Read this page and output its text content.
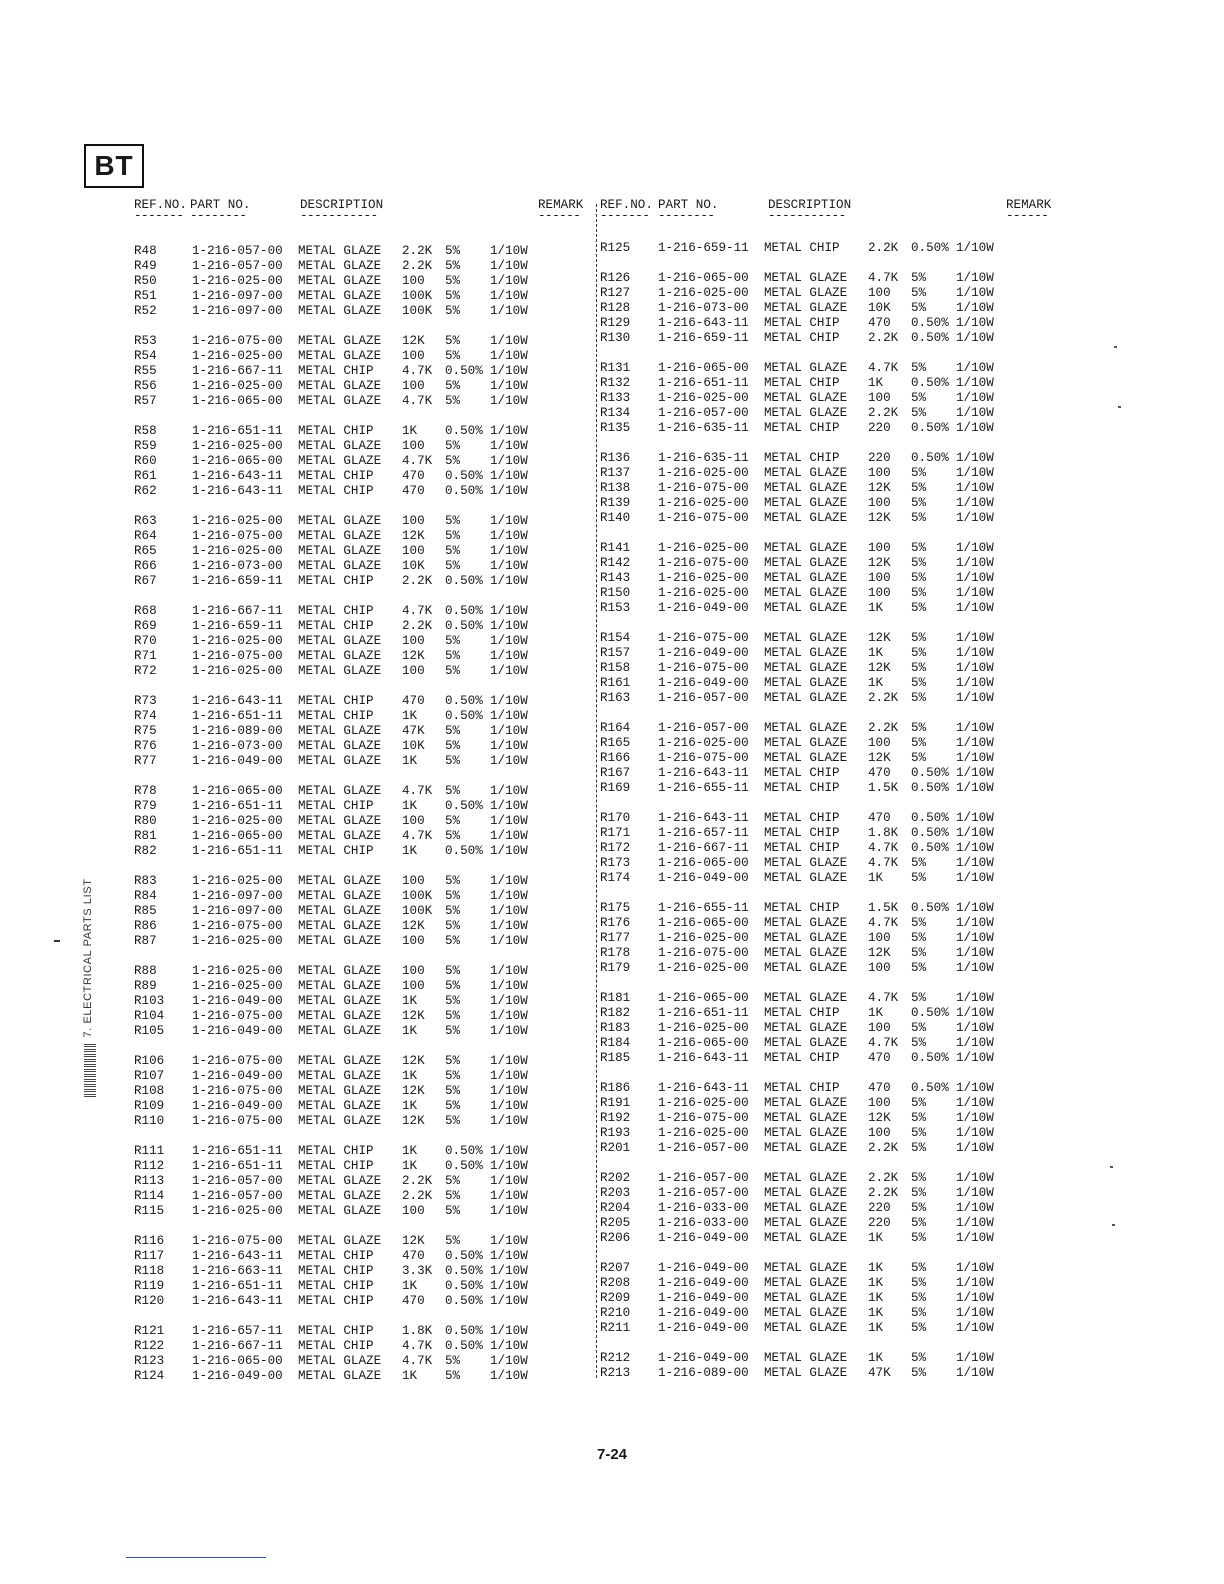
BT
REF.NO. PART NO.	DESCRIPTION	REMARK
------- --------	-----------	------
R48	1-216-057-00	METAL GLAZE	2.2K	5%	1/10W
R49	1-216-057-00	METAL GLAZE	2.2K	5%	1/10W
R50	1-216-025-00	METAL GLAZE	100	5%	1/10W
R51	1-216-097-00	METAL GLAZE	100K	5%	1/10W
R52	1-216-097-00	METAL GLAZE	100K	5%	1/10W
R53	1-216-075-00	METAL GLAZE	12K	5%	1/10W
R54	1-216-025-00	METAL GLAZE	100	5%	1/10W
R55	1-216-667-11	METAL CHIP	4.7K	0.50% 1/10W
R56	1-216-025-00	METAL GLAZE	100	5%	1/10W
R57	1-216-065-00	METAL GLAZE	4.7K	5%	1/10W
R58	1-216-651-11	METAL CHIP	1K	0.50% 1/10W
R59	1-216-025-00	METAL GLAZE	100	5%	1/10W
R60	1-216-065-00	METAL GLAZE	4.7K	5%	1/10W
R61	1-216-643-11	METAL CHIP	470	0.50% 1/10W
R62	1-216-643-11	METAL CHIP	470	0.50% 1/10W
R63	1-216-025-00	METAL GLAZE	100	5%	1/10W
R64	1-216-075-00	METAL GLAZE	12K	5%	1/10W
R65	1-216-025-00	METAL GLAZE	100	5%	1/10W
R66	1-216-073-00	METAL GLAZE	10K	5%	1/10W
R67	1-216-659-11	METAL CHIP	2.2K	0.50% 1/10W
R68	1-216-667-11	METAL CHIP	4.7K	0.50% 1/10W
R69	1-216-659-11	METAL CHIP	2.2K	0.50% 1/10W
R70	1-216-025-00	METAL GLAZE	100	5%	1/10W
R71	1-216-075-00	METAL GLAZE	12K	5%	1/10W
R72	1-216-025-00	METAL GLAZE	100	5%	1/10W
R73	1-216-643-11	METAL CHIP	470	0.50% 1/10W
R74	1-216-651-11	METAL CHIP	1K	0.50% 1/10W
R75	1-216-089-00	METAL GLAZE	47K	5%	1/10W
R76	1-216-073-00	METAL GLAZE	10K	5%	1/10W
R77	1-216-049-00	METAL GLAZE	1K	5%	1/10W
R78	1-216-065-00	METAL GLAZE	4.7K	5%	1/10W
R79	1-216-651-11	METAL CHIP	1K	0.50% 1/10W
R80	1-216-025-00	METAL GLAZE	100	5%	1/10W
R81	1-216-065-00	METAL GLAZE	4.7K	5%	1/10W
R82	1-216-651-11	METAL CHIP	1K	0.50% 1/10W
R83	1-216-025-00	METAL GLAZE	100	5%	1/10W
R84	1-216-097-00	METAL GLAZE	100K	5%	1/10W
R85	1-216-097-00	METAL GLAZE	100K	5%	1/10W
R86	1-216-075-00	METAL GLAZE	12K	5%	1/10W
R87	1-216-025-00	METAL GLAZE	100	5%	1/10W
R88	1-216-025-00	METAL GLAZE	100	5%	1/10W
R89	1-216-025-00	METAL GLAZE	100	5%	1/10W
R103	1-216-049-00	METAL GLAZE	1K	5%	1/10W
R104	1-216-075-00	METAL GLAZE	12K	5%	1/10W
R105	1-216-049-00	METAL GLAZE	1K	5%	1/10W
R106	1-216-075-00	METAL GLAZE	12K	5%	1/10W
R107	1-216-049-00	METAL GLAZE	1K	5%	1/10W
R108	1-216-075-00	METAL GLAZE	12K	5%	1/10W
R109	1-216-049-00	METAL GLAZE	1K	5%	1/10W
R110	1-216-075-00	METAL GLAZE	12K	5%	1/10W
R111	1-216-651-11	METAL CHIP	1K	0.50% 1/10W
R112	1-216-651-11	METAL CHIP	1K	0.50% 1/10W
R113	1-216-057-00	METAL GLAZE	2.2K	5%	1/10W
R114	1-216-057-00	METAL GLAZE	2.2K	5%	1/10W
R115	1-216-025-00	METAL GLAZE	100	5%	1/10W
R116	1-216-075-00	METAL GLAZE	12K	5%	1/10W
R117	1-216-643-11	METAL CHIP	470	0.50% 1/10W
R118	1-216-663-11	METAL CHIP	3.3K	0.50% 1/10W
R119	1-216-651-11	METAL CHIP	1K	0.50% 1/10W
R120	1-216-643-11	METAL CHIP	470	0.50% 1/10W
R121	1-216-657-11	METAL CHIP	1.8K	0.50% 1/10W
R122	1-216-667-11	METAL CHIP	4.7K	0.50% 1/10W
R123	1-216-065-00	METAL GLAZE	4.7K	5%	1/10W
R124	1-216-049-00	METAL GLAZE	1K	5%	1/10W
REF.NO. PART NO.	DESCRIPTION	REMARK
------- --------	-----------	------
R125	1-216-659-11	METAL CHIP	2.2K	0.50% 1/10W
R126	1-216-065-00	METAL GLAZE	4.7K	5%	1/10W
R127	1-216-025-00	METAL GLAZE	100	5%	1/10W
R128	1-216-073-00	METAL GLAZE	10K	5%	1/10W
R129	1-216-643-11	METAL CHIP	470	0.50% 1/10W
R130	1-216-659-11	METAL CHIP	2.2K	0.50% 1/10W
R131	1-216-065-00	METAL GLAZE	4.7K	5%	1/10W
R132	1-216-651-11	METAL CHIP	1K	0.50% 1/10W
R133	1-216-025-00	METAL GLAZE	100	5%	1/10W
R134	1-216-057-00	METAL GLAZE	2.2K	5%	1/10W
R135	1-216-635-11	METAL CHIP	220	0.50% 1/10W
R136	1-216-635-11	METAL CHIP	220	0.50% 1/10W
R137	1-216-025-00	METAL GLAZE	100	5%	1/10W
R138	1-216-075-00	METAL GLAZE	12K	5%	1/10W
R139	1-216-025-00	METAL GLAZE	100	5%	1/10W
R140	1-216-075-00	METAL GLAZE	12K	5%	1/10W
R141	1-216-025-00	METAL GLAZE	100	5%	1/10W
R142	1-216-075-00	METAL GLAZE	12K	5%	1/10W
R143	1-216-025-00	METAL GLAZE	100	5%	1/10W
R150	1-216-025-00	METAL GLAZE	100	5%	1/10W
R153	1-216-049-00	METAL GLAZE	1K	5%	1/10W
R154	1-216-075-00	METAL GLAZE	12K	5%	1/10W
R157	1-216-049-00	METAL GLAZE	1K	5%	1/10W
R158	1-216-075-00	METAL GLAZE	12K	5%	1/10W
R161	1-216-049-00	METAL GLAZE	1K	5%	1/10W
R163	1-216-057-00	METAL GLAZE	2.2K	5%	1/10W
R164	1-216-057-00	METAL GLAZE	2.2K	5%	1/10W
R165	1-216-025-00	METAL GLAZE	100	5%	1/10W
R166	1-216-075-00	METAL GLAZE	12K	5%	1/10W
R167	1-216-643-11	METAL CHIP	470	0.50% 1/10W
R169	1-216-655-11	METAL CHIP	1.5K	0.50% 1/10W
R170	1-216-643-11	METAL CHIP	470	0.50% 1/10W
R171	1-216-657-11	METAL CHIP	1.8K	0.50% 1/10W
R172	1-216-667-11	METAL CHIP	4.7K	0.50% 1/10W
R173	1-216-065-00	METAL GLAZE	4.7K	5%	1/10W
R174	1-216-049-00	METAL GLAZE	1K	5%	1/10W
R175	1-216-655-11	METAL CHIP	1.5K	0.50% 1/10W
R176	1-216-065-00	METAL GLAZE	4.7K	5%	1/10W
R177	1-216-025-00	METAL GLAZE	100	5%	1/10W
R178	1-216-075-00	METAL GLAZE	12K	5%	1/10W
R179	1-216-025-00	METAL GLAZE	100	5%	1/10W
R181	1-216-065-00	METAL GLAZE	4.7K	5%	1/10W
R182	1-216-651-11	METAL CHIP	1K	0.50% 1/10W
R183	1-216-025-00	METAL GLAZE	100	5%	1/10W
R184	1-216-065-00	METAL GLAZE	4.7K	5%	1/10W
R185	1-216-643-11	METAL CHIP	470	0.50% 1/10W
R186	1-216-643-11	METAL CHIP	470	0.50% 1/10W
R191	1-216-025-00	METAL GLAZE	100	5%	1/10W
R192	1-216-075-00	METAL GLAZE	12K	5%	1/10W
R193	1-216-025-00	METAL GLAZE	100	5%	1/10W
R201	1-216-057-00	METAL GLAZE	2.2K	5%	1/10W
R202	1-216-057-00	METAL GLAZE	2.2K	5%	1/10W
R203	1-216-057-00	METAL GLAZE	2.2K	5%	1/10W
R204	1-216-033-00	METAL GLAZE	220	5%	1/10W
R205	1-216-033-00	METAL GLAZE	220	5%	1/10W
R206	1-216-049-00	METAL GLAZE	1K	5%	1/10W
R207	1-216-049-00	METAL GLAZE	1K	5%	1/10W
R208	1-216-049-00	METAL GLAZE	1K	5%	1/10W
R209	1-216-049-00	METAL GLAZE	1K	5%	1/10W
R210	1-216-049-00	METAL GLAZE	1K	5%	1/10W
R211	1-216-049-00	METAL GLAZE	1K	5%	1/10W
R212	1-216-049-00	METAL GLAZE	1K	5%	1/10W
R213	1-216-089-00	METAL GLAZE	47K	5%	1/10W
7. ELECTRICAL PARTS LIST
7-24
